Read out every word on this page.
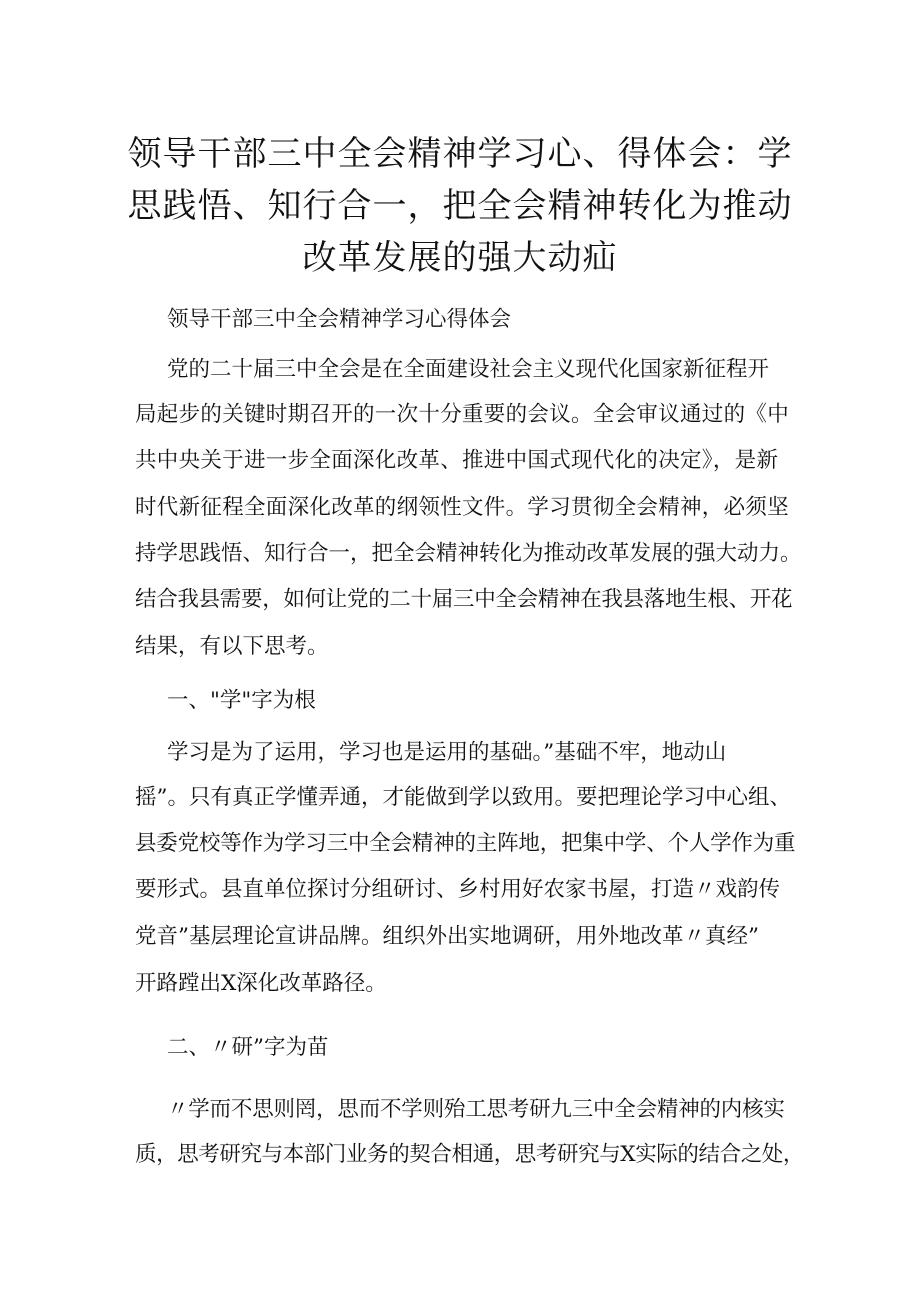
领导干部三中全会精神学习心、得体会：学思践悟、知行合一，把全会精神转化为推动改革发展的强大动疝

领导干部三中全会精神学习心得体会

党的二十届三中全会是在全面建设社会主义现代化国家新征程开

局起步的关键时期召开的一次十分重要的会议。全会审议通过的《中

共中央关于进一步全面深化改革、推进中国式现代化的决定》，是新

时代新征程全面深化改革的纲领性文件。学习贯彻全会精神，必须坚

持学思践悟、知行合一，把全会精神转化为推动改革发展的强大动力。

结合我县需要，如何让党的二十届三中全会精神在我县落地生根、开花

结果，有以下思考。

一、"学"字为根

学习是为了运用，学习也是运用的基础。”基础不牢，地动山

摇”。只有真正学懂弄通，才能做到学以致用。要把理论学习中心组、

县委党校等作为学习三中全会精神的主阵地，把集中学、个人学作为重

要形式。县直单位探讨分组研讨、乡村用好农家书屋，打造〃戏韵传

党音”基层理论宣讲品牌。组织外出实地调研，用外地改革〃真经”

开路蹚出X深化改革路径。

二、〃研”字为苗

〃学而不思则罔，思而不学则殆工思考研九三中全会精神的内核实

质，思考研究与本部门业务的契合相通，思考研究与X实际的结合之处，
